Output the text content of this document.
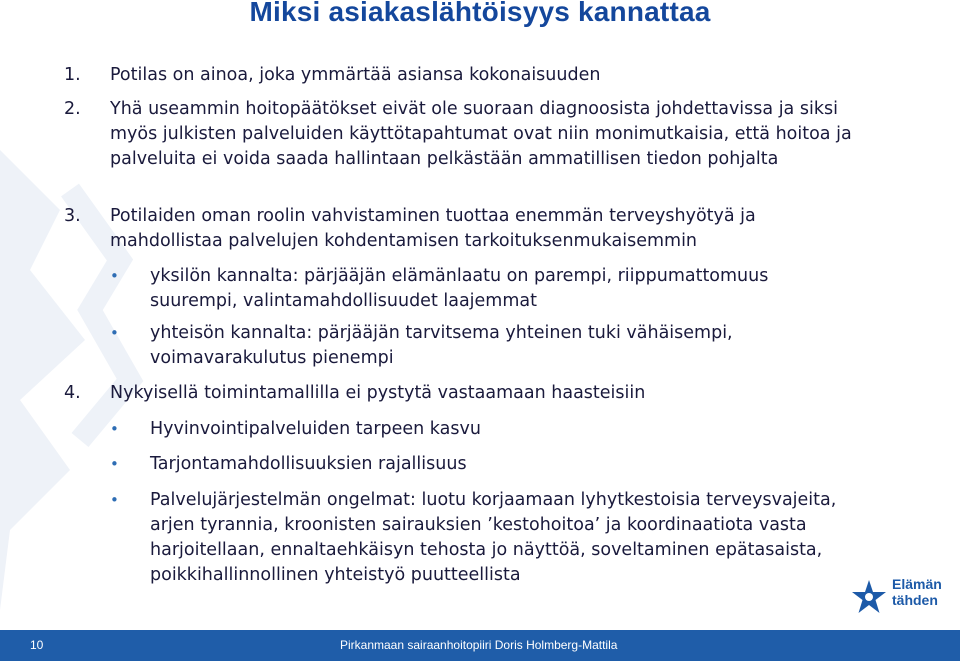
Miksi asiakaslähtöisyys kannattaa
1. Potilas on ainoa, joka ymmärtää asiansa kokonaisuuden
2. Yhä useammin hoitopäätökset eivät ole suoraan diagnoosista johdettavissa ja siksi myös julkisten palveluiden käyttötapahtumat ovat niin monimutkaisia, että hoitoa ja palveluita ei voida saada hallintaan pelkästään ammatillisen tiedon pohjalta
3. Potilaiden oman roolin vahvistaminen tuottaa enemmän terveyshyötyä ja mahdollistaa palvelujen kohdentamisen tarkoituksenmukaisemmin
• yksilön kannalta: pärjääjän elämänlaatu on parempi, riippumattomuus suurempi, valintamahdollisuudet laajemmat
• yhteisön kannalta: pärjääjän tarvitsema yhteinen tuki vähäisempi, voimavarakulutus pienempi
4. Nykyisellä toimintamallilla ei pystytä vastaamaan haasteisiin
• Hyvinvointipalveluiden tarpeen kasvu
• Tarjontamahdollisuuksien rajallisuus
• Palvelujärjestelmän ongelmat: luotu korjaamaan lyhytkestoisia terveysvajeita, arjen tyrannia, kroonisten sairauksien ’kestohoitoa’ ja koordinaatiota vasta harjoitellaan, ennaltaehkäisyn tehosta jo näyttöä, soveltaminen epätasaista, poikkihallinnollinen yhteistyö puutteellista	Elämän
tähden
10	Pirkanmaan sairaanhoitopiiri Doris Holmberg-Mattila
